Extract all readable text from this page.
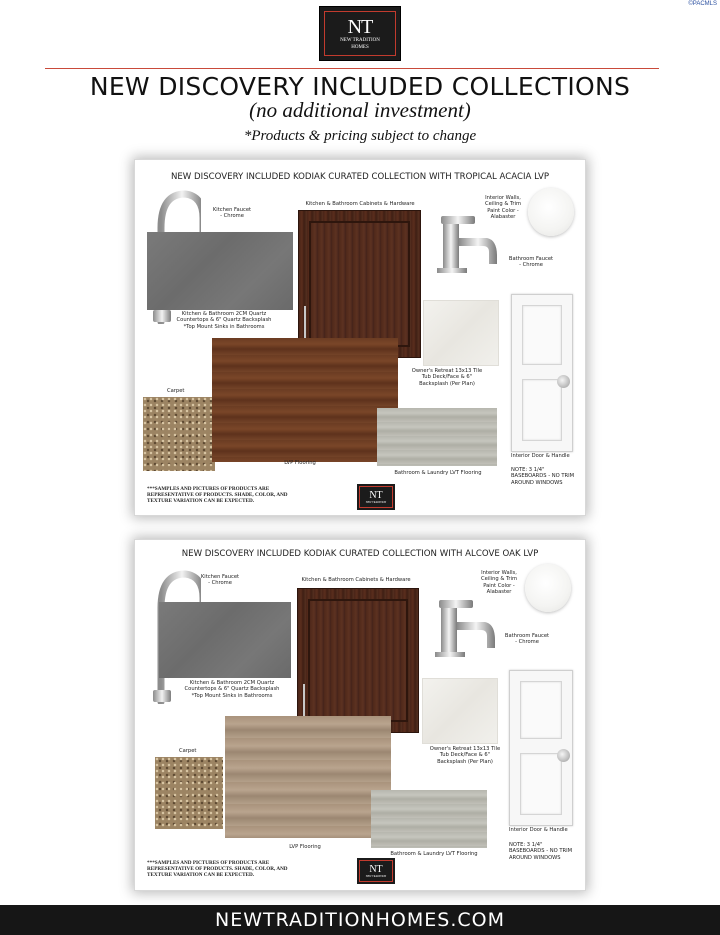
©PACMLS
NT
NEW TRADITION
HOMES
NEW DISCOVERY INCLUDED COLLECTIONS
(no additional investment)
*Products & pricing subject to change
NEW DISCOVERY INCLUDED KODIAK CURATED COLLECTION WITH TROPICAL ACACIA LVP
Kitchen Faucet
- Chrome
Kitchen & Bathroom 2CM Quartz
Countertops & 6" Quartz Backsplash
*Top Mount Sinks in Bathrooms
Kitchen & Bathroom Cabinets & Hardware
Interior Walls,
Ceiling & Trim
Paint Color -
Alabaster
Bathroom Faucet
- Chrome
Owner's Retreat 13x13 Tile
Tub Deck/Face & 6"
Backsplash (Per Plan)
Interior Door & Handle
NOTE: 3 1/4"
BASEBOARDS - NO TRIM
AROUND WINDOWS
Carpet
LVP Flooring
Bathroom & Laundry LVT Flooring
***SAMPLES AND PICTURES OF PRODUCTS ARE
REPRESENTATIVE OF PRODUCTS. SHADE, COLOR, AND
TEXTURE VARIATION CAN BE EXPECTED.
NT
NEW TRADITION
NEW DISCOVERY INCLUDED KODIAK CURATED COLLECTION WITH ALCOVE OAK LVP
Kitchen Faucet
- Chrome
Kitchen & Bathroom 2CM Quartz
Countertops & 6" Quartz Backsplash
*Top Mount Sinks in Bathrooms
Kitchen & Bathroom Cabinets & Hardware
Interior Walls,
Ceiling & Trim
Paint Color -
Alabaster
Bathroom Faucet
- Chrome
Owner's Retreat 13x13 Tile
Tub Deck/Face & 6"
Backsplash (Per Plan)
Interior Door & Handle
NOTE: 3 1/4"
BASEBOARDS - NO TRIM
AROUND WINDOWS
Carpet
LVP Flooring
Bathroom & Laundry LVT Flooring
***SAMPLES AND PICTURES OF PRODUCTS ARE
REPRESENTATIVE OF PRODUCTS. SHADE, COLOR, AND
TEXTURE VARIATION CAN BE EXPECTED.
NT
NEW TRADITION
NEWTRADITIONHOMES.COM
